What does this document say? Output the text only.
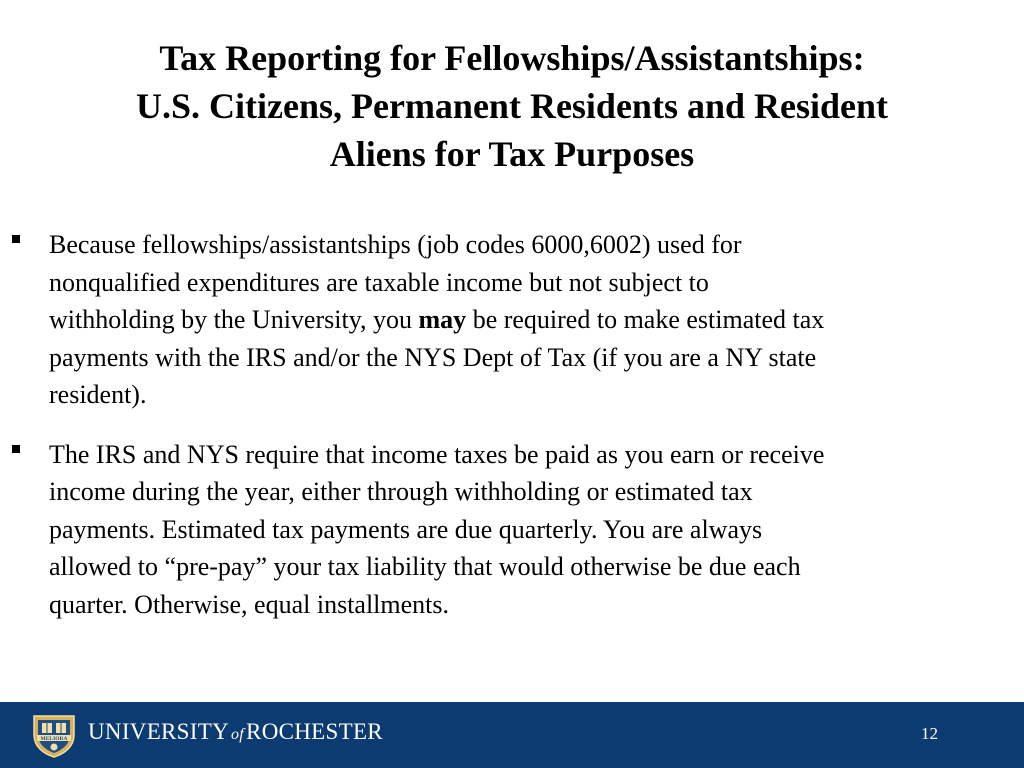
Tax Reporting for Fellowships/Assistantships:
U.S. Citizens, Permanent Residents and Resident
Aliens for Tax Purposes
Because fellowships/assistantships (job codes 6000,6002) used for
nonqualified expenditures are taxable income but not subject to
withholding by the University, you may be required to make estimated tax
payments with the IRS and/or the NYS Dept of Tax (if you are a NY state
resident).
The IRS and NYS require that income taxes be paid as you earn or receive
income during the year, either through withholding or estimated tax
payments. Estimated tax payments are due quarterly. You are always
allowed to “pre-pay” your tax liability that would otherwise be due each
quarter. Otherwise, equal installments.
MELIORA UNIVERSITY ofROCHESTER	12
